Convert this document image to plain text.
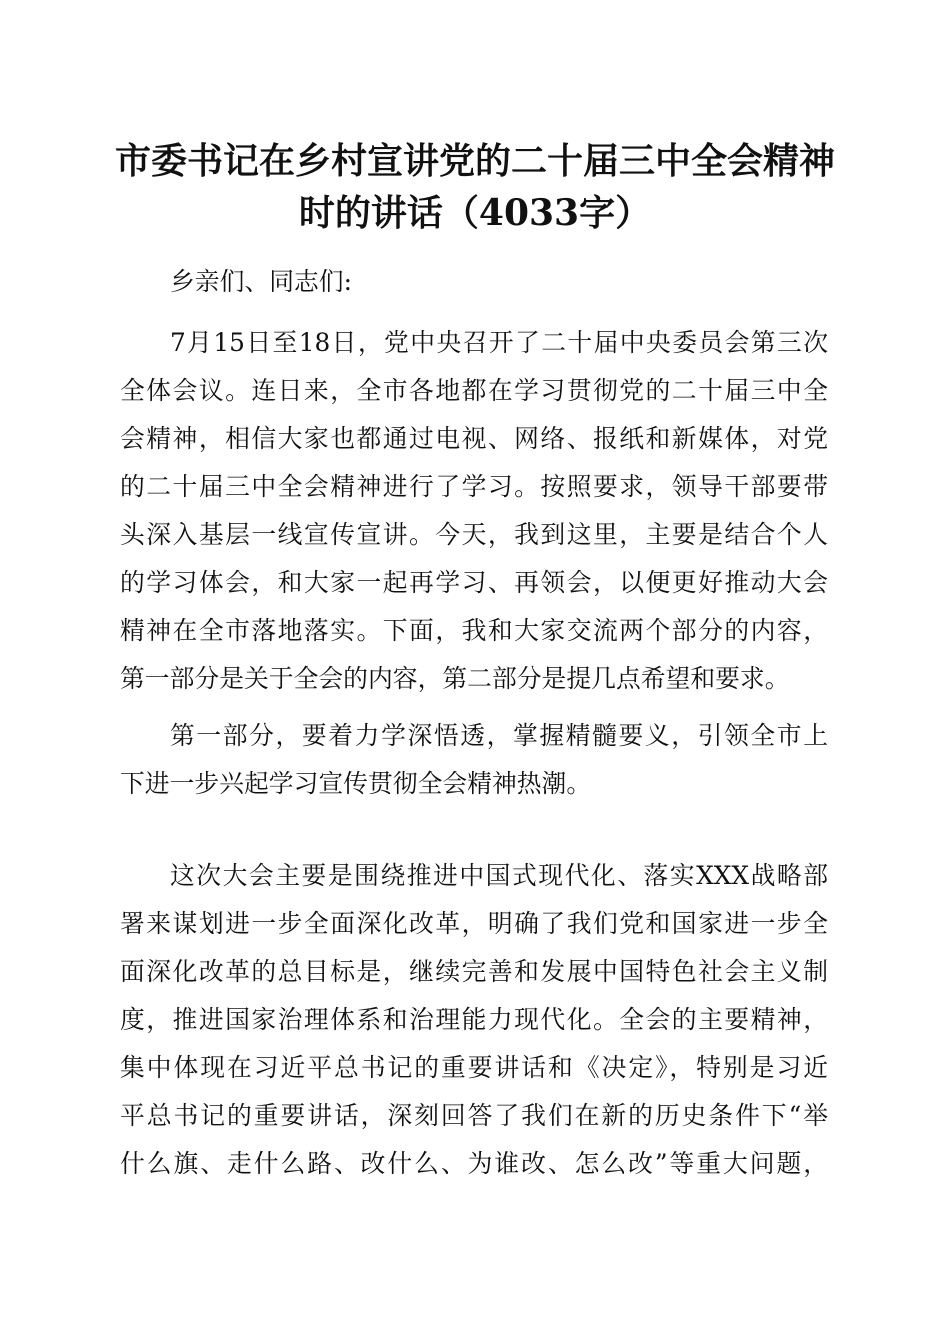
市委书记在乡村宣讲党的二十届三中全会精神
时的讲话（4033字）
乡亲们、同志们:
7月15日至18日，党中央召开了二十届中央委员会第三次
全体会议。连日来，全市各地都在学习贯彻党的二十届三中全
会精神，相信大家也都通过电视、网络、报纸和新媒体，对党
的二十届三中全会精神进行了学习。按照要求，领导干部要带
头深入基层一线宣传宣讲。今天，我到这里，主要是结合个人
的学习体会，和大家一起再学习、再领会，以便更好推动大会
精神在全市落地落实。下面，我和大家交流两个部分的内容，
第一部分是关于全会的内容，第二部分是提几点希望和要求。
第一部分，要着力学深悟透，掌握精髓要义，引领全市上
下进一步兴起学习宣传贯彻全会精神热潮。
这次大会主要是围绕推进中国式现代化、落实XXX战略部
署来谋划进一步全面深化改革，明确了我们党和国家进一步全
面深化改革的总目标是，继续完善和发展中国特色社会主义制
度，推进国家治理体系和治理能力现代化。全会的主要精神，
集中体现在习近平总书记的重要讲话和《决定》，特别是习近
平总书记的重要讲话，深刻回答了我们在新的历史条件下“举
什么旗、走什么路、改什么、为谁改、怎么改”等重大问题，
